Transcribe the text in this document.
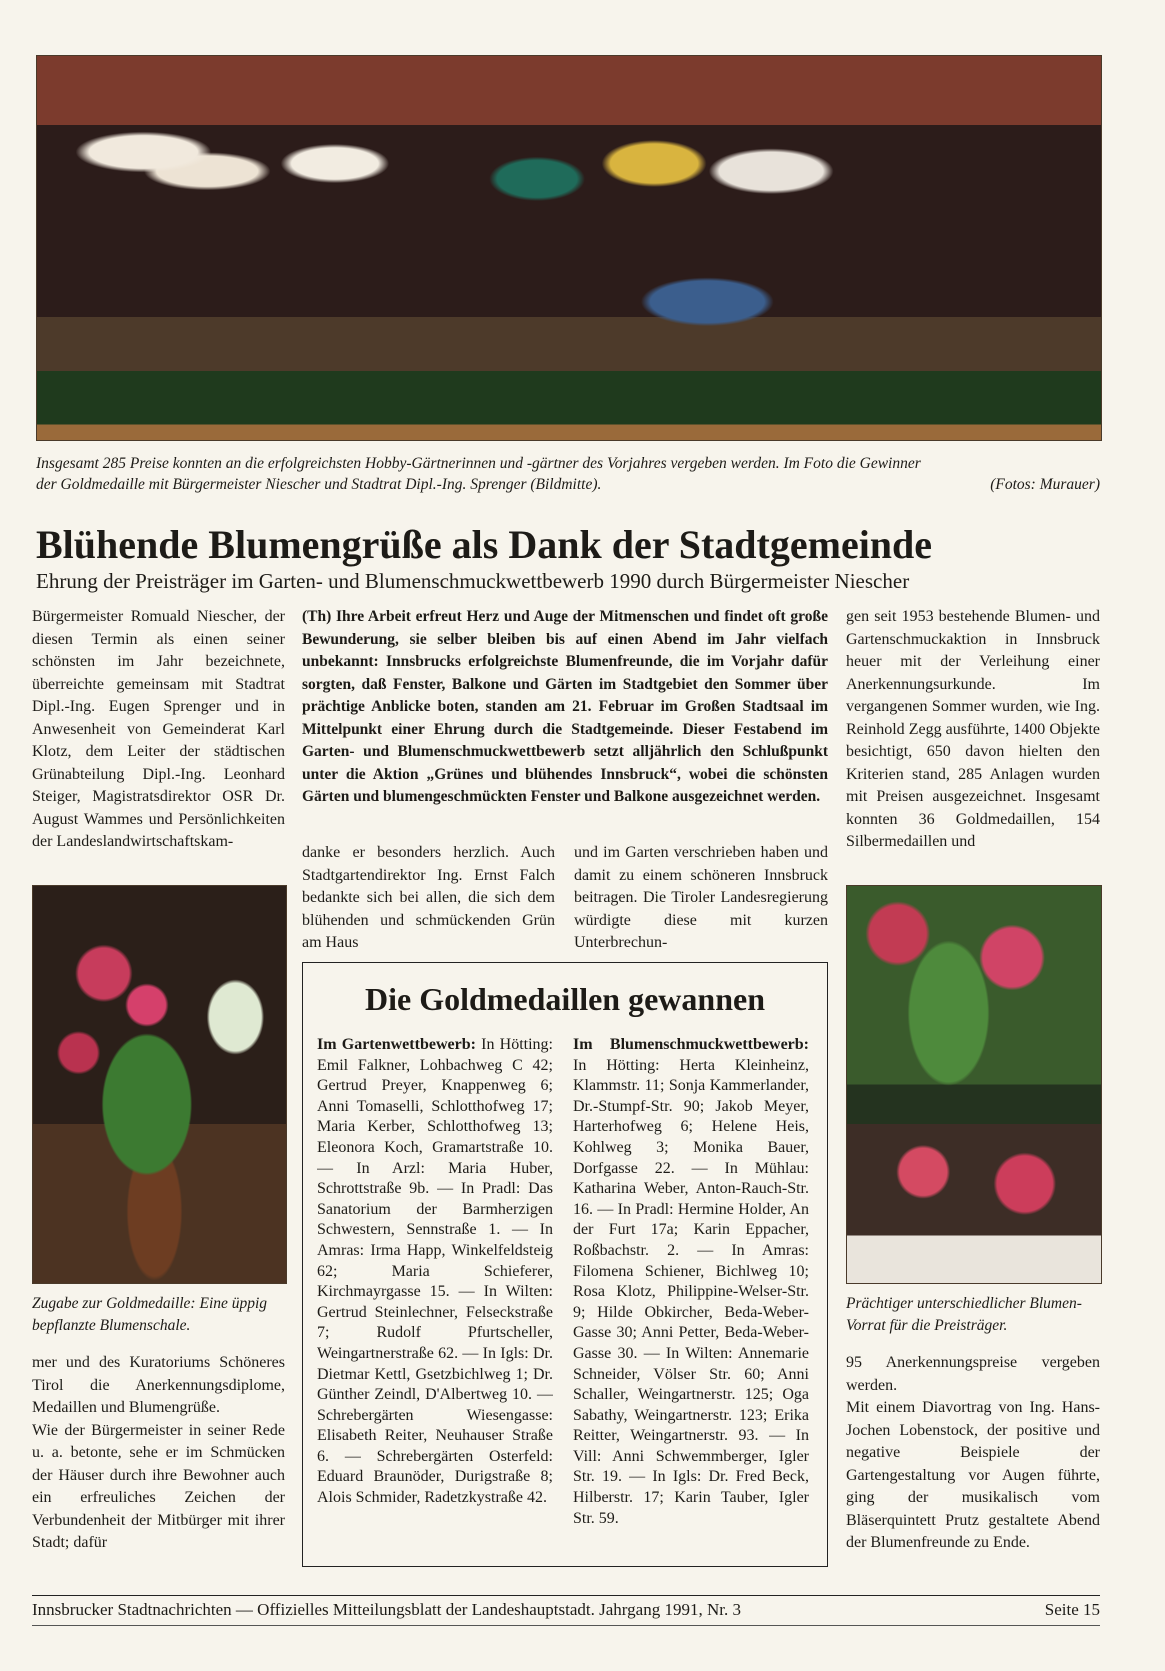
Insgesamt 285 Preise konnten an die erfolgreichsten Hobby-Gärtnerinnen und -gärtner des Vorjahres vergeben werden. Im Foto die Gewinner
der Goldmedaille mit Bürgermeister Niescher und Stadtrat Dipl.-Ing. Sprenger (Bildmitte).	(Fotos: Murauer)
Blühende Blumengrüße als Dank der Stadtgemeinde
Ehrung der Preisträger im Garten- und Blumenschmuckwettbewerb 1990 durch Bürgermeister Niescher
Bürgermeister Romuald Niescher, der diesen Termin als einen seiner schönsten im Jahr bezeichnete, überreichte gemeinsam mit Stadtrat Dipl.-Ing. Eugen Sprenger und in Anwesenheit von Gemeinderat Karl Klotz, dem Leiter der städtischen Grünabteilung Dipl.-Ing. Leonhard Steiger, Magistratsdirektor OSR Dr. August Wammes und Persönlichkeiten der Landeslandwirtschaftskam-
(Th) Ihre Arbeit erfreut Herz und Auge der Mitmenschen und findet oft große Bewunderung, sie selber bleiben bis auf einen Abend im Jahr vielfach unbekannt: Innsbrucks erfolgreichste Blumenfreunde, die im Vorjahr dafür sorgten, daß Fenster, Balkone und Gärten im Stadtgebiet den Sommer über prächtige Anblicke boten, standen am 21. Februar im Großen Stadtsaal im Mittelpunkt einer Ehrung durch die Stadtgemeinde. Dieser Festabend im Garten- und Blumenschmuckwettbewerb setzt alljährlich den Schlußpunkt unter die Aktion „Grünes und blühendes Innsbruck“, wobei die schönsten Gärten und blumengeschmückten Fenster und Balkone ausgezeichnet werden.
danke er besonders herzlich. Auch Stadtgartendirektor Ing. Ernst Falch bedankte sich bei allen, die sich dem blühenden und schmückenden Grün am Haus
und im Garten verschrieben haben und damit zu einem schöneren Innsbruck beitragen. Die Tiroler Landesregierung würdigte diese mit kurzen Unterbrechun-
gen seit 1953 bestehende Blumen- und Gartenschmuckaktion in Innsbruck heuer mit der Verleihung einer Anerkennungsurkunde. Im vergangenen Sommer wurden, wie Ing. Reinhold Zegg ausführte, 1400 Objekte besichtigt, 650 davon hielten den Kriterien stand, 285 Anlagen wurden mit Preisen ausgezeichnet. Insgesamt konnten 36 Goldmedaillen, 154 Silbermedaillen und
Zugabe zur Goldmedaille: Eine üppig bepflanzte Blumenschale.
mer und des Kuratoriums Schöneres Tirol die Anerkennungsdiplome, Medaillen und Blumengrüße.
Wie der Bürgermeister in seiner Rede u. a. betonte, sehe er im Schmücken der Häuser durch ihre Bewohner auch ein erfreuliches Zeichen der Verbundenheit der Mitbürger mit ihrer Stadt; dafür
Prächtiger unterschiedlicher Blumen-Vorrat für die Preisträger.
95 Anerkennungspreise vergeben werden.
Mit einem Diavortrag von Ing. Hans-Jochen Lobenstock, der positive und negative Beispiele der Gartengestaltung vor Augen führte, ging der musikalisch vom Bläserquintett Prutz gestaltete Abend der Blumenfreunde zu Ende.
Die Goldmedaillen gewannen
Im Gartenwettbewerb: In Hötting: Emil Falkner, Lohbachweg C 42; Gertrud Preyer, Knappenweg 6; Anni Tomaselli, Schlotthofweg 17; Maria Kerber, Schlotthofweg 13; Eleonora Koch, Gramartstraße 10. — In Arzl: Maria Huber, Schrottstraße 9b. — In Pradl: Das Sanatorium der Barmherzigen Schwestern, Sennstraße 1. — In Amras: Irma Happ, Winkelfeldsteig 62; Maria Schieferer, Kirchmayrgasse 15. — In Wilten: Gertrud Steinlechner, Felseckstraße 7; Rudolf Pfurtscheller, Weingartnerstraße 62. — In Igls: Dr. Dietmar Kettl, Gsetzbichlweg 1; Dr. Günther Zeindl, D'Albertweg 10. — Schrebergärten Wiesengasse: Elisabeth Reiter, Neuhauser Straße 6. — Schrebergärten Osterfeld: Eduard Braunöder, Durigstraße 8; Alois Schmider, Radetzkystraße 42.
Im Blumenschmuckwettbewerb: In Hötting: Herta Kleinheinz, Klammstr. 11; Sonja Kammerlander, Dr.-Stumpf-Str. 90; Jakob Meyer, Harterhofweg 6; Helene Heis, Kohlweg 3; Monika Bauer, Dorfgasse 22. — In Mühlau: Katharina Weber, Anton-Rauch-Str. 16. — In Pradl: Hermine Holder, An der Furt 17a; Karin Eppacher, Roßbachstr. 2. — In Amras: Filomena Schiener, Bichlweg 10; Rosa Klotz, Philippine-Welser-Str. 9; Hilde Obkircher, Beda-Weber-Gasse 30; Anni Petter, Beda-Weber-Gasse 30. — In Wilten: Annemarie Schneider, Völser Str. 60; Anni Schaller, Weingartnerstr. 125; Oga Sabathy, Weingartnerstr. 123; Erika Reitter, Weingartnerstr. 93. — In Vill: Anni Schwemmberger, Igler Str. 19. — In Igls: Dr. Fred Beck, Hilberstr. 17; Karin Tauber, Igler Str. 59.
Innsbrucker Stadtnachrichten — Offizielles Mitteilungsblatt der Landeshauptstadt. Jahrgang 1991, Nr. 3	Seite 15
